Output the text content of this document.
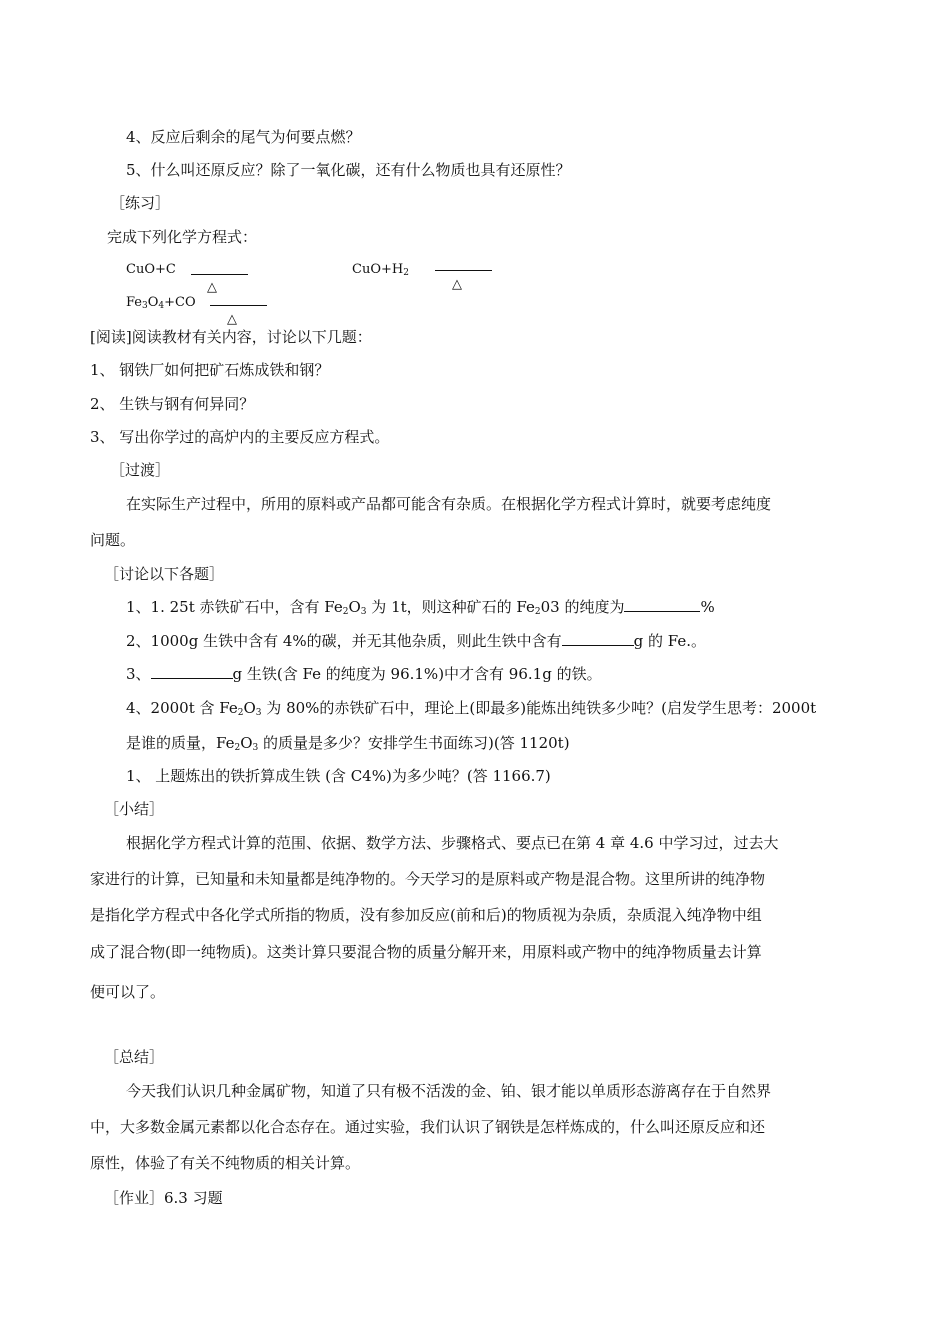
4、反应后剩余的尾气为何要点燃？
5、什么叫还原反应？除了一氧化碳，还有什么物质也具有还原性？
［练习］
完成下列化学方程式：
CuO+C
△
$CuO+H_2$
△
$Fe_3O_4+CO$
△
[阅读]阅读教材有关内容，讨论以下几题：
1、 钢铁厂如何把矿石炼成铁和钢？
2、 生铁与钢有何异同？
3、 写出你学过的高炉内的主要反应方程式。
［过渡］
在实际生产过程中，所用的原料或产品都可能含有杂质。在根据化学方程式计算时，就要考虑纯度
问题。
［讨论以下各题］
1、1. 25t 赤铁矿石中，含有 $Fe_2O_3$ 为 1t，则这种矿石的 $Fe_203$ 的纯度为	%
2、1000g 生铁中含有 4%的碳，并无其他杂质，则此生铁中含有	g 的 Fe.。
3、	g 生铁(含 Fe 的纯度为 96.1%)中才含有 96.1g 的铁。
4、2000t 含 $Fe_2O_3$ 为 80%的赤铁矿石中，理论上(即最多)能炼出纯铁多少吨？(启发学生思考：2000t
是谁的质量，$Fe_2O_3$ 的质量是多少？安排学生书面练习)(答 1120t)
1、 上题炼出的铁折算成生铁 (含 C4%)为多少吨？(答 1166.7)
［小结］
根据化学方程式计算的范围、依据、数学方法、步骤格式、要点已在第 4 章 4.6 中学习过，过去大
家进行的计算，已知量和未知量都是纯净物的。今天学习的是原料或产物是混合物。这里所讲的纯净物
是指化学方程式中各化学式所指的物质，没有参加反应(前和后)的物质视为杂质，杂质混入纯净物中组
成了混合物(即一纯物质)。这类计算只要混合物的质量分解开来，用原料或产物中的纯净物质量去计算
便可以了。
［总结］
今天我们认识几种金属矿物，知道了只有极不活泼的金、铂、银才能以单质形态游离存在于自然界
中，大多数金属元素都以化合态存在。通过实验，我们认识了钢铁是怎样炼成的，什么叫还原反应和还
原性，体验了有关不纯物质的相关计算。
［作业］6.3 习题
